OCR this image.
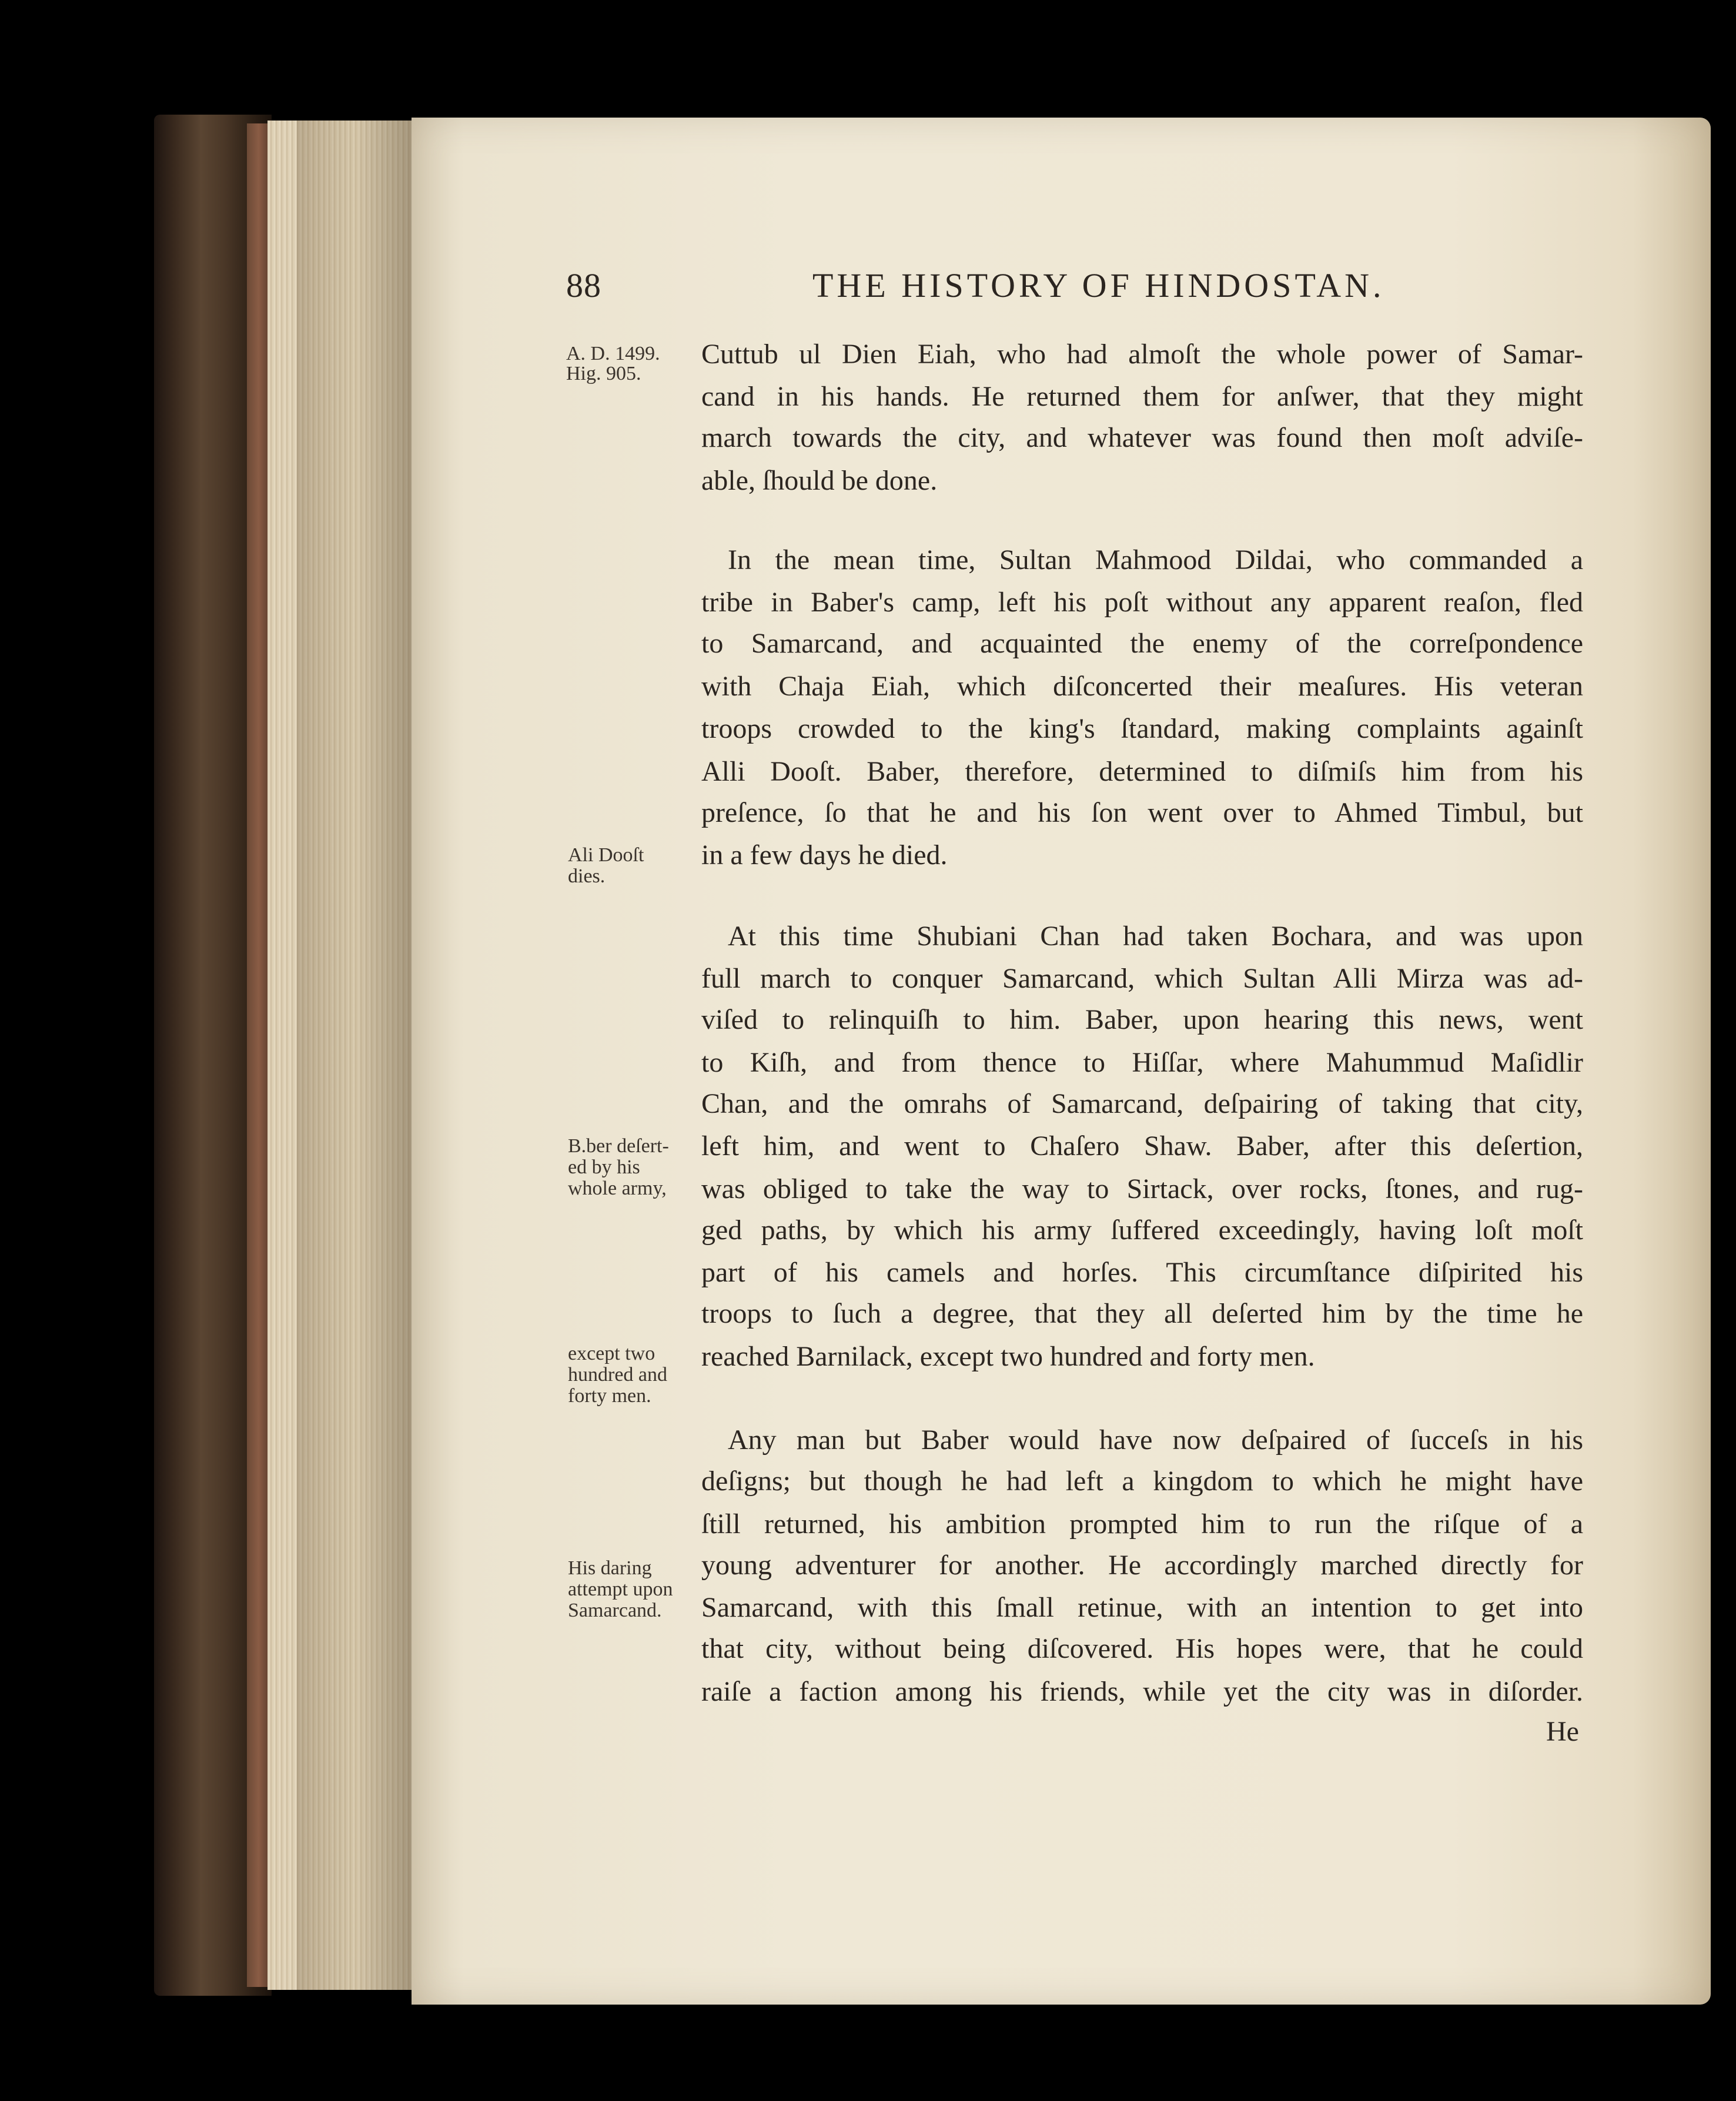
88	THE HISTORY OF HINDOSTAN.
A. D. 1499.
Hig. 905.
Ali Dooſt
dies.
B.ber deſert-
ed by his
whole army,
except two
hundred and
forty men.
His daring
attempt upon
Samarcand.
Cuttub ul Dien Eiah, who had almoſt the whole power of Samar-
cand in his hands. He returned them for anſwer, that they might
march towards the city, and whatever was found then moſt adviſe-
able, ſhould be done.
In the mean time, Sultan Mahmood Dildai, who commanded a
tribe in Baber's camp, left his poſt without any apparent reaſon, fled
to Samarcand, and acquainted the enemy of the correſpondence
with Chaja Eiah, which diſconcerted their meaſures. His veteran
troops crowded to the king's ſtandard, making complaints againſt
Alli Dooſt. Baber, therefore, determined to diſmiſs him from his
preſence, ſo that he and his ſon went over to Ahmed Timbul, but
in a few days he died.
At this time Shubiani Chan had taken Bochara, and was upon
full march to conquer Samarcand, which Sultan Alli Mirza was ad-
viſed to relinquiſh to him. Baber, upon hearing this news, went
to Kiſh, and from thence to Hiſſar, where Mahummud Maſidlir
Chan, and the omrahs of Samarcand, deſpairing of taking that city,
left him, and went to Chaſero Shaw. Baber, after this deſertion,
was obliged to take the way to Sirtack, over rocks, ſtones, and rug-
ged paths, by which his army ſuffered exceedingly, having loſt moſt
part of his camels and horſes. This circumſtance diſpirited his
troops to ſuch a degree, that they all deſerted him by the time he
reached Barnilack, except two hundred and forty men.
Any man but Baber would have now deſpaired of ſucceſs in his
deſigns; but though he had left a kingdom to which he might have
ſtill returned, his ambition prompted him to run the riſque of a
young adventurer for another. He accordingly marched directly for
Samarcand, with this ſmall retinue, with an intention to get into
that city, without being diſcovered. His hopes were, that he could
raiſe a faction among his friends, while yet the city was in diſorder.
He
